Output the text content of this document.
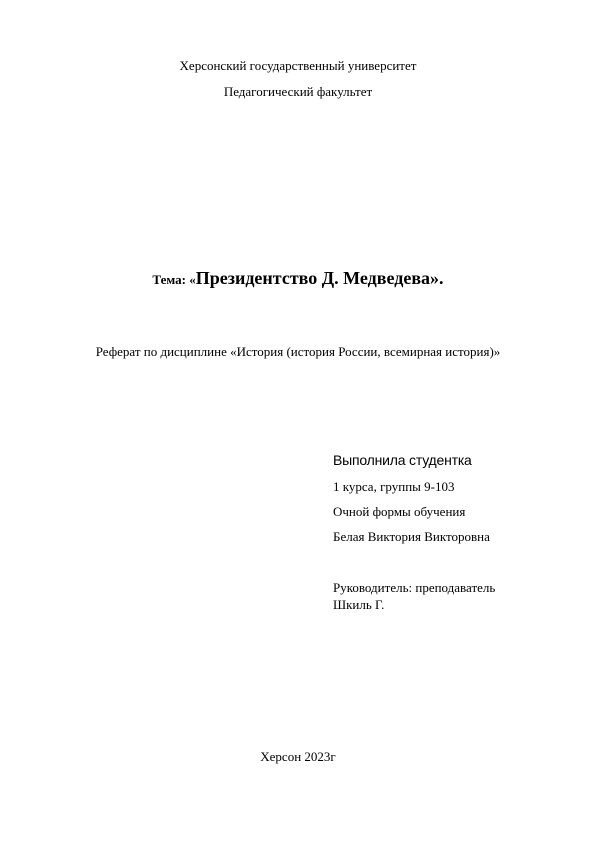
Херсонский государственный университет
Педагогический факультет
Тема: «Президентство Д. Медведева».
Реферат по дисциплине «История (история России, всемирная история)»
Выполнила студентка
1 курса, группы 9-103
Очной формы обучения
Белая Виктория Викторовна
Руководитель: преподаватель
Шкиль Г.
Херсон 2023г
